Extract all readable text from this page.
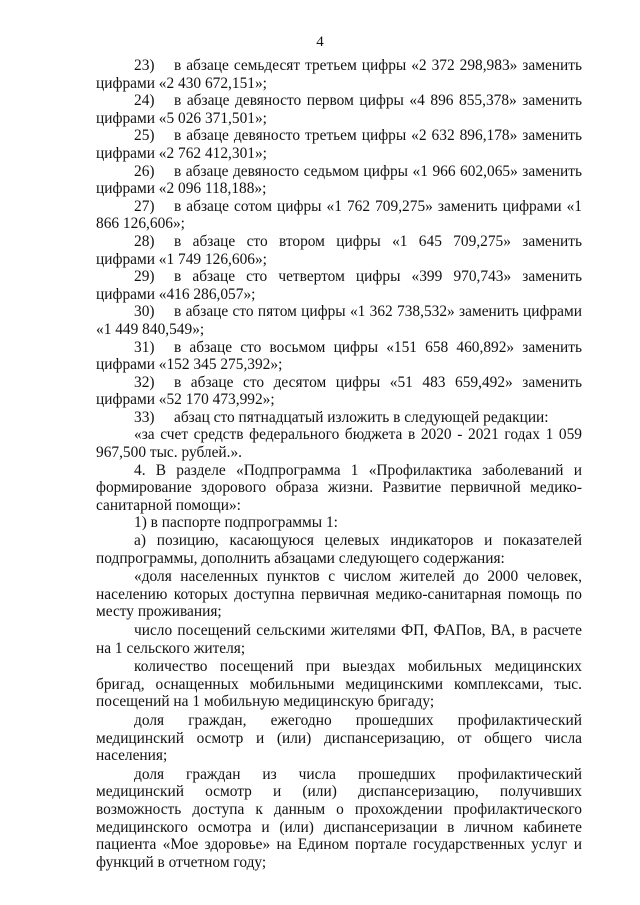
4

23) в абзаце семьдесят третьем цифры «2 372 298,983» заменить цифрами «2 430 672,151»;

24) в абзаце девяносто первом цифры «4 896 855,378» заменить цифрами «5 026 371,501»;

25) в абзаце девяносто третьем цифры «2 632 896,178» заменить цифрами «2 762 412,301»;

26) в абзаце девяносто седьмом цифры «1 966 602,065» заменить цифрами «2 096 118,188»;

27) в абзаце сотом цифры «1 762 709,275» заменить цифрами «1 866 126,606»;

28) в абзаце сто втором цифры «1 645 709,275» заменить цифрами «1 749 126,606»;

29) в абзаце сто четвертом цифры «399 970,743» заменить цифрами «416 286,057»;

30) в абзаце сто пятом цифры «1 362 738,532» заменить цифрами «1 449 840,549»;

31) в абзаце сто восьмом цифры «151 658 460,892» заменить цифрами «152 345 275,392»;

32) в абзаце сто десятом цифры «51 483 659,492» заменить цифрами «52 170 473,992»;

33) абзац сто пятнадцатый изложить в следующей редакции:

«за счет средств федерального бюджета в 2020 - 2021 годах 1 059 967,500 тыс. рублей.».

4. В разделе «Подпрограмма 1 «Профилактика заболеваний и формирование здорового образа жизни. Развитие первичной медико-санитарной помощи»:

1) в паспорте подпрограммы 1:

а) позицию, касающуюся целевых индикаторов и показателей подпрограммы, дополнить абзацами следующего содержания:

«доля населенных пунктов с числом жителей до 2000 человек, населению которых доступна первичная медико-санитарная помощь по месту проживания;

число посещений сельскими жителями ФП, ФАПов, ВА, в расчете на 1 сельского жителя;

количество посещений при выездах мобильных медицинских бригад, оснащенных мобильными медицинскими комплексами, тыс. посещений на 1 мобильную медицинскую бригаду;

доля граждан, ежегодно прошедших профилактический медицинский осмотр и (или) диспансеризацию, от общего числа населения;

доля граждан из числа прошедших профилактический медицинский осмотр и (или) диспансеризацию, получивших возможность доступа к данным о прохождении профилактического медицинского осмотра и (или) диспансеризации в личном кабинете пациента «Мое здоровье» на Едином портале государственных услуг и функций в отчетном году;
